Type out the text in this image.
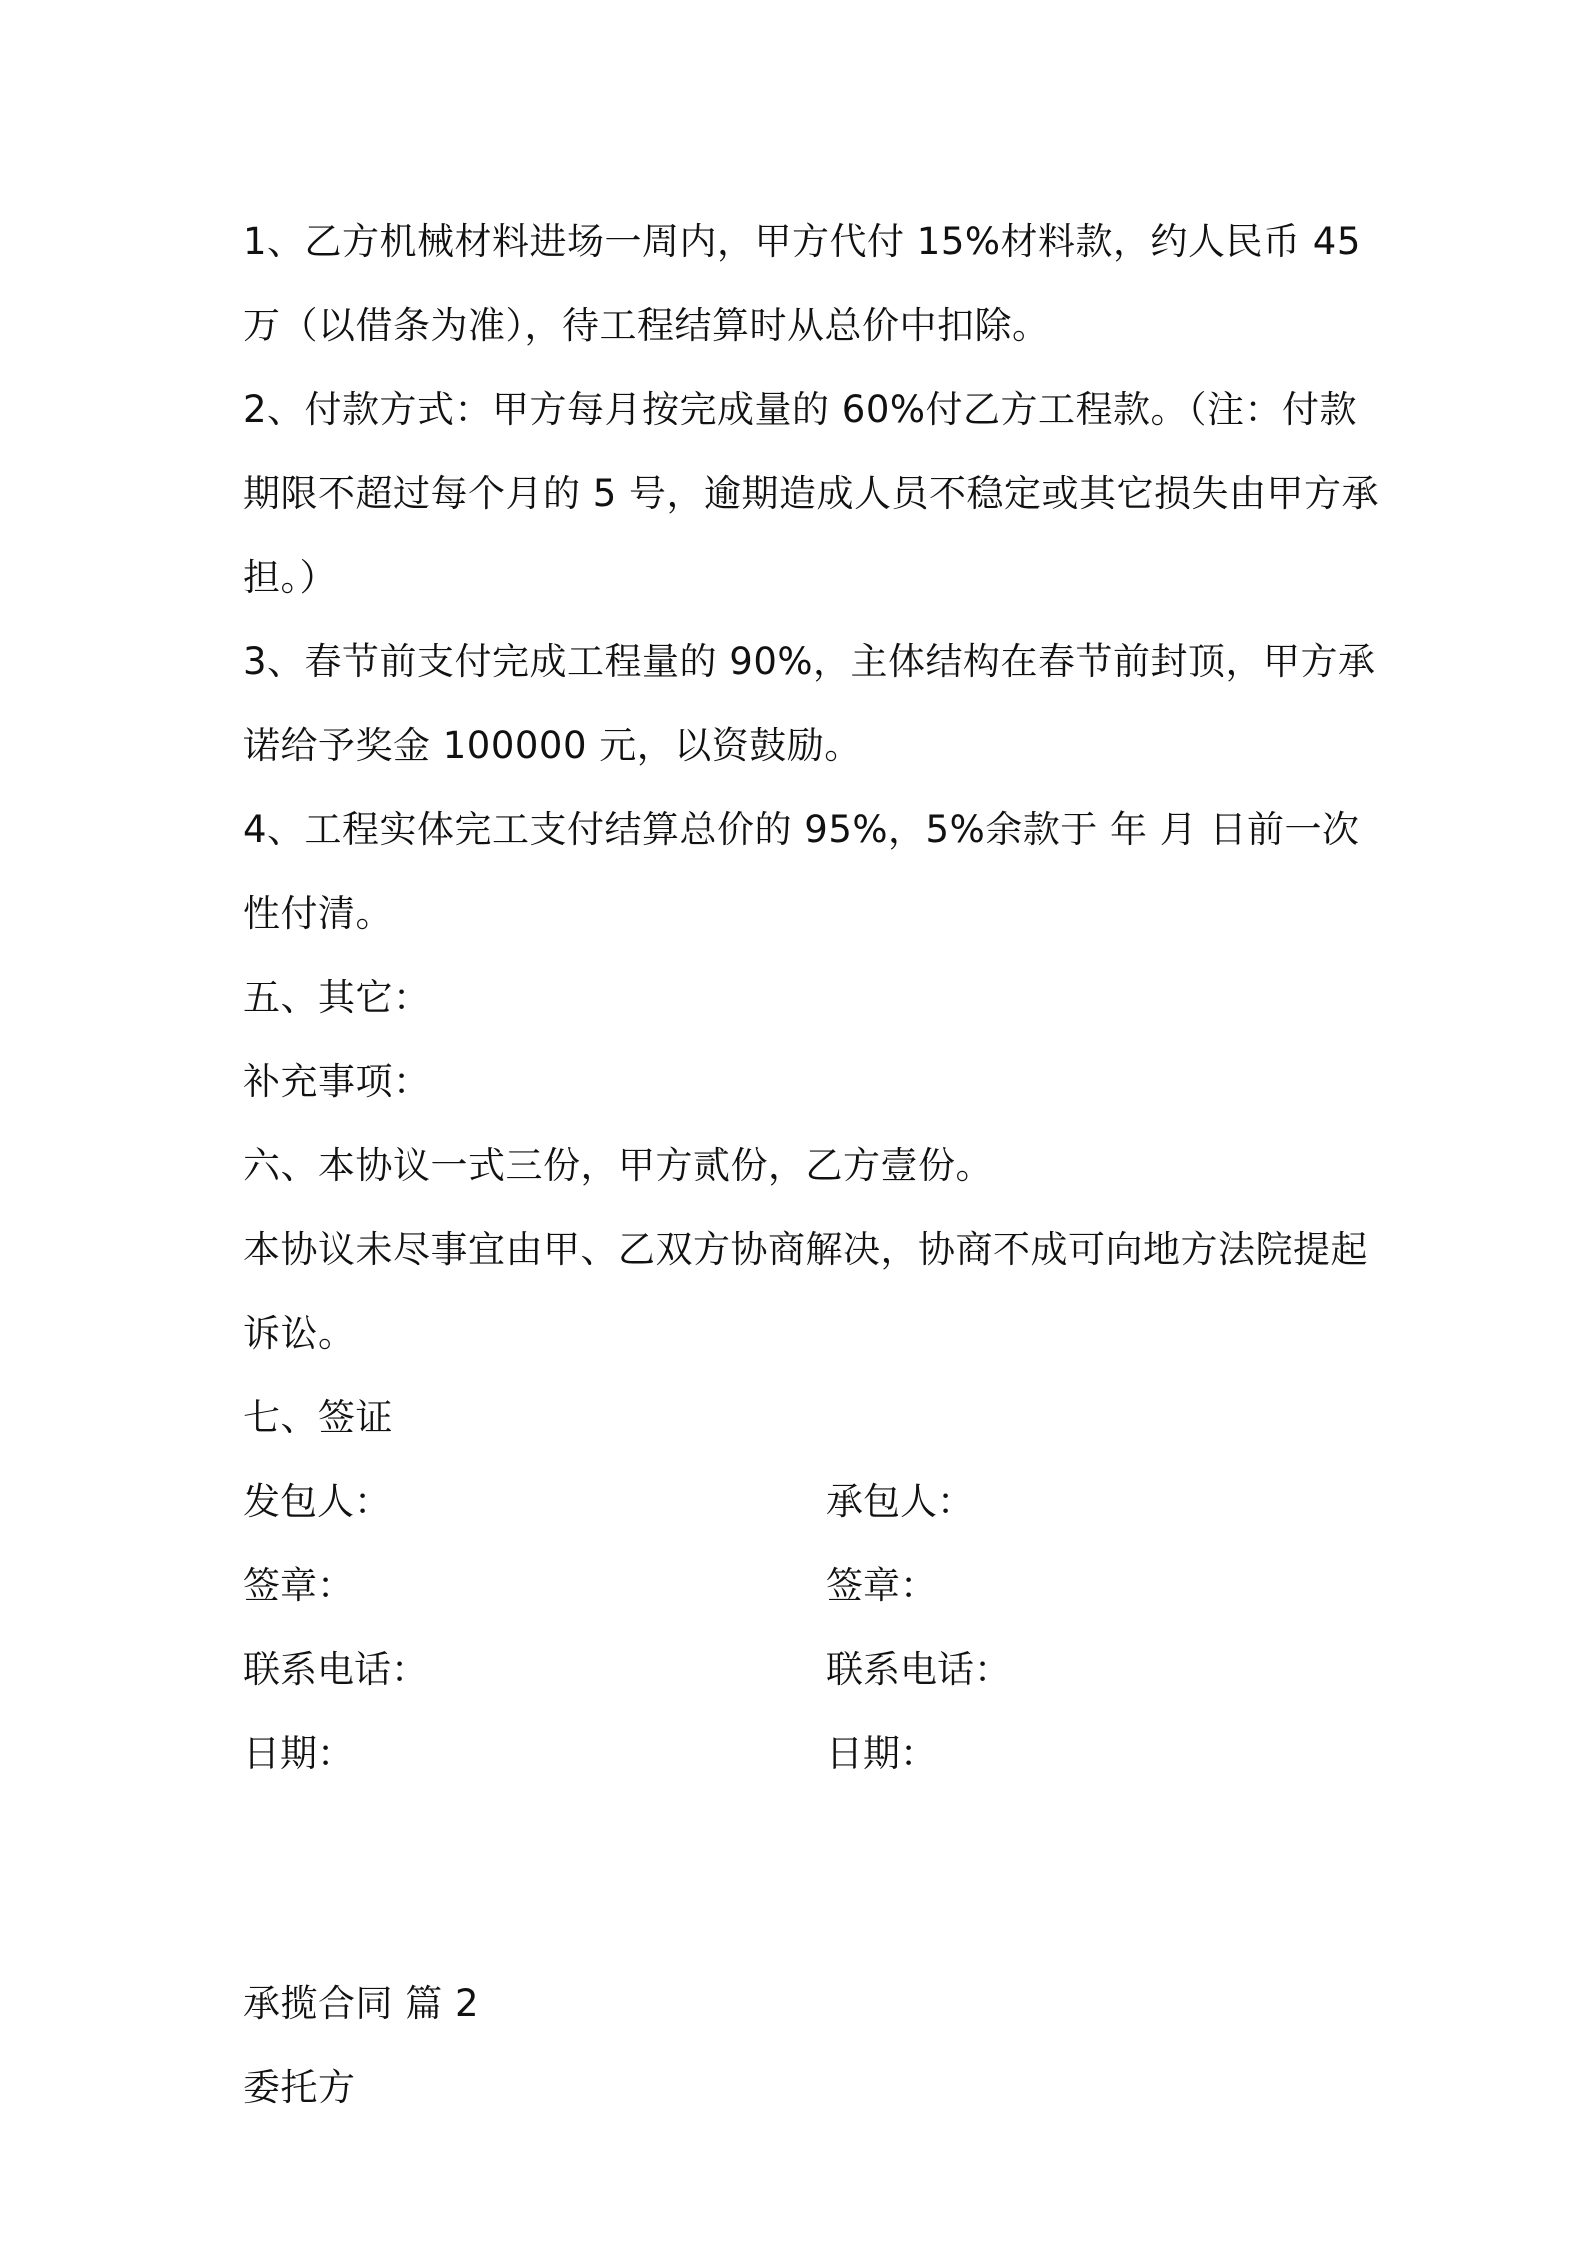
1、乙方机械材料进场一周内，甲方代付 15%材料款，约人民币 45
万（以借条为准），待工程结算时从总价中扣除。
2、付款方式：甲方每月按完成量的 60%付乙方工程款。（注：付款
期限不超过每个月的 5 号，逾期造成人员不稳定或其它损失由甲方承
担。）
3、春节前支付完成工程量的 90%，主体结构在春节前封顶，甲方承
诺给予奖金 100000 元，以资鼓励。
4、工程实体完工支付结算总价的 95%，5%余款于 年 月 日前一次
性付清。
五、其它：
补充事项：
六、本协议一式三份，甲方贰份，乙方壹份。
本协议未尽事宜由甲、乙双方协商解决，协商不成可向地方法院提起
诉讼。
七、签证
发包人：	承包人：
签章：	签章：
联系电话：	联系电话：
日期：	日期：
承揽合同 篇 2
委托方
